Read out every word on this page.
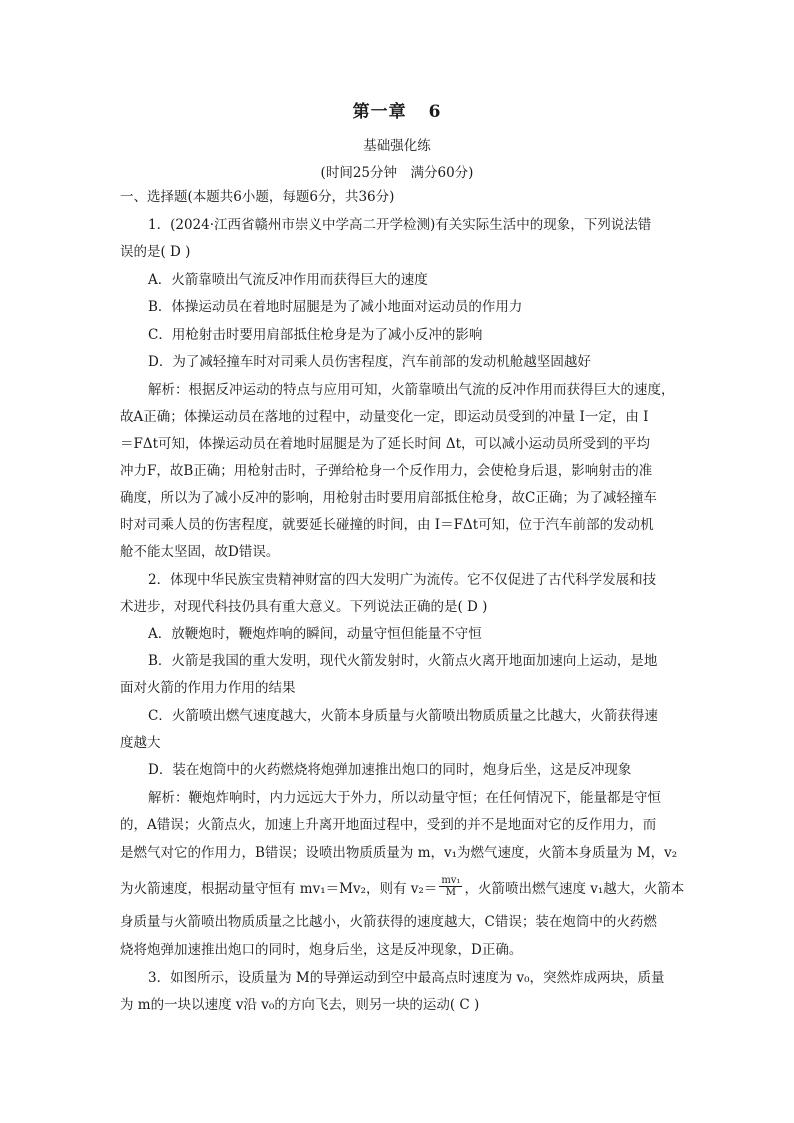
第一章 6
基础强化练
(时间25分钟　满分60分)
一、选择题(本题共6小题，每题6分，共36分)
1．(2024·江西省赣州市崇义中学高二开学检测)有关实际生活中的现象，下列说法错
误的是( D )
A．火箭靠喷出气流反冲作用而获得巨大的速度
B．体操运动员在着地时屈腿是为了减小地面对运动员的作用力
C．用枪射击时要用肩部抵住枪身是为了减小反冲的影响
D．为了减轻撞车时对司乘人员伤害程度，汽车前部的发动机舱越坚固越好
解析：根据反冲运动的特点与应用可知，火箭靠喷出气流的反冲作用而获得巨大的速度，
故A正确；体操运动员在落地的过程中，动量变化一定，即运动员受到的冲量 I一定，由 I
＝FΔt可知，体操运动员在着地时屈腿是为了延长时间 Δt，可以减小运动员所受到的平均
冲力F，故B正确；用枪射击时，子弹给枪身一个反作用力，会使枪身后退，影响射击的准
确度，所以为了减小反冲的影响，用枪射击时要用肩部抵住枪身，故C正确；为了减轻撞车
时对司乘人员的伤害程度，就要延长碰撞的时间，由 I＝FΔt可知，位于汽车前部的发动机
舱不能太坚固，故D错误。
2．体现中华民族宝贵精神财富的四大发明广为流传。它不仅促进了古代科学发展和技
术进步，对现代科技仍具有重大意义。下列说法正确的是( D )
A．放鞭炮时，鞭炮炸响的瞬间，动量守恒但能量不守恒
B．火箭是我国的重大发明，现代火箭发射时，火箭点火离开地面加速向上运动，是地
面对火箭的作用力作用的结果
C．火箭喷出燃气速度越大，火箭本身质量与火箭喷出物质质量之比越大，火箭获得速
度越大
D．装在炮筒中的火药燃烧将炮弹加速推出炮口的同时，炮身后坐，这是反冲现象
解析：鞭炮炸响时，内力远远大于外力，所以动量守恒；在任何情况下，能量都是守恒
的，A错误；火箭点火，加速上升离开地面过程中，受到的并不是地面对它的反作用力，而
是燃气对它的作用力，B错误；设喷出物质质量为 m，v₁为燃气速度，火箭本身质量为 M，v₂
为火箭速度，根据动量守恒有 mv₁＝Mv₂，则有 $v_2= \frac{\text{mv₁}}{M}$ ，火箭喷出燃气速度 v₁越大，火箭本
身质量与火箭喷出物质质量之比越小，火箭获得的速度越大，C错误；装在炮筒中的火药燃
烧将炮弹加速推出炮口的同时，炮身后坐，这是反冲现象，D正确。
3．如图所示，设质量为 M的导弹运动到空中最高点时速度为 v₀，突然炸成两块，质量
为 m的一块以速度 v沿 v₀的方向飞去，则另一块的运动( C )
